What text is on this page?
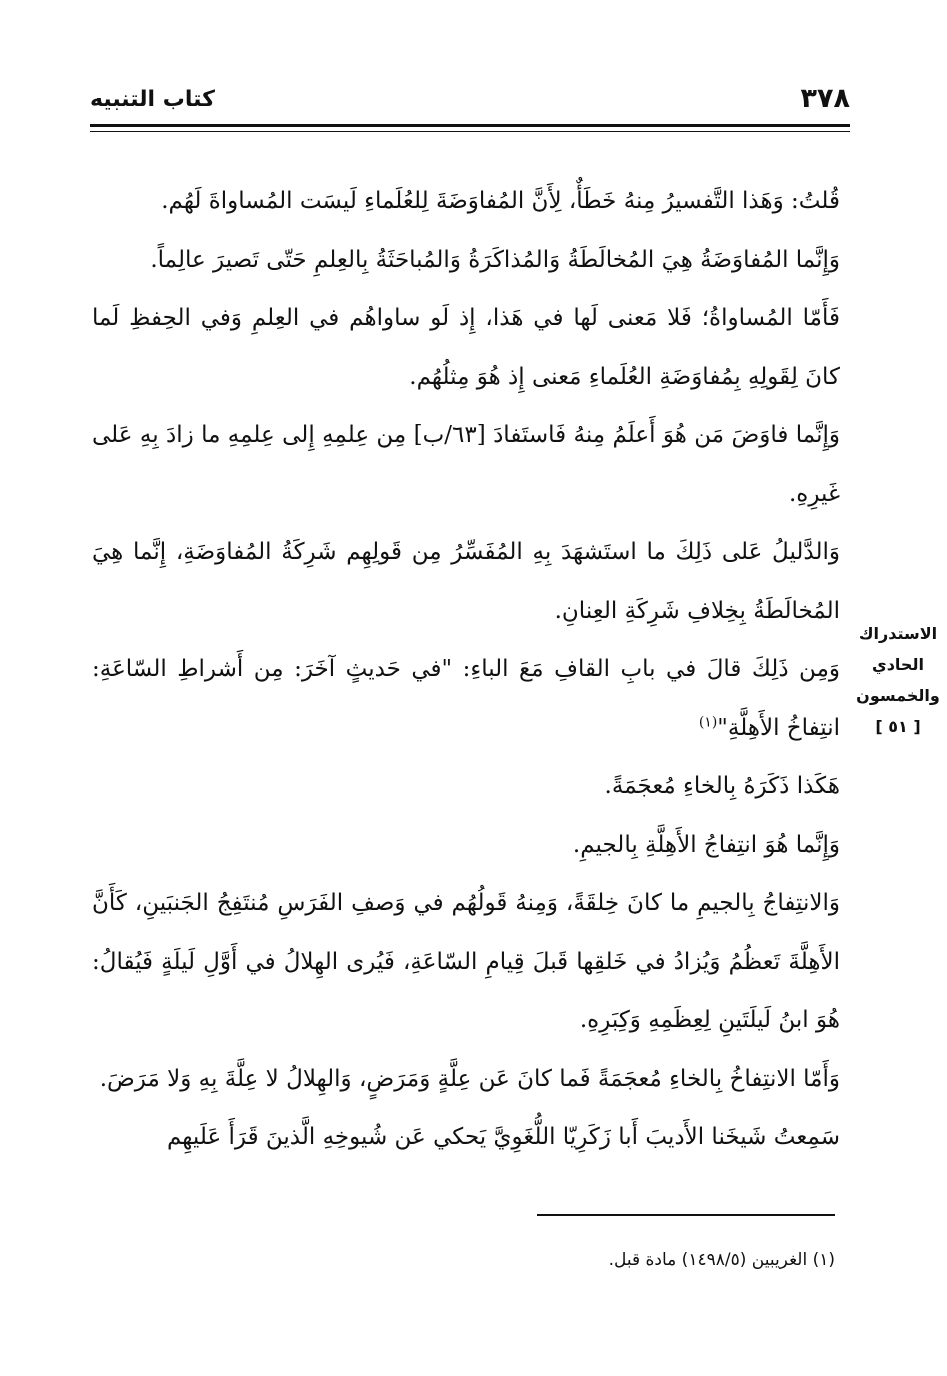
٣٧٨
كتاب التنبيه

قُلتُ: وَهَذا التَّفسيرُ مِنهُ خَطَأٌ، لِأَنَّ المُفاوَضَةَ لِلعُلَماءِ لَيسَت المُساواةَ لَهُم.

وَإِنَّما المُفاوَضَةُ هِيَ المُخالَطَةُ وَالمُذاكَرَةُ وَالمُباحَثَةُ بِالعِلمِ حَتّى تَصيرَ عالِماً.

فَأَمّا المُساواةُ؛ فَلا مَعنى لَها في هَذا، إِذ لَو ساواهُم في العِلمِ وَفي الحِفظِ لَما كانَ لِقَولِهِ بِمُفاوَضَةِ العُلَماءِ مَعنى إِذ هُوَ مِثلُهُم.

وَإِنَّما فاوَضَ مَن هُوَ أَعلَمُ مِنهُ فَاستَفادَ [٦٣/ب] مِن عِلمِهِ إِلى عِلمِهِ ما زادَ بِهِ عَلى غَيرِهِ.

وَالدَّليلُ عَلى ذَلِكَ ما استَشهَدَ بِهِ المُفَسِّرُ مِن قَولِهِم شَرِكَةُ المُفاوَضَةِ، إِنَّما هِيَ المُخالَطَةُ بِخِلافِ شَرِكَةِ العِنانِ.

وَمِن ذَلِكَ قالَ في بابِ القافِ مَعَ الباءِ: "في حَديثٍ آخَرَ: مِن أَشراطِ السّاعَةِ: انتِفاخُ الأَهِلَّةِ"$^{(١)}$

هَكَذا ذَكَرَهُ بِالخاءِ مُعجَمَةً.

وَإِنَّما هُوَ انتِفاجُ الأَهِلَّةِ بِالجيمِ.

وَالانتِفاجُ بِالجيمِ ما كانَ خِلقَةً، وَمِنهُ قَولُهُم في وَصفِ الفَرَسِ مُنتَفِجُ الجَنبَينِ، كَأَنَّ الأَهِلَّةَ تَعظُمُ وَيُزادُ في خَلقِها قَبلَ قِيامِ السّاعَةِ، فَيُرى الهِلالُ في أَوَّلِ لَيلَةٍ فَيُقالُ: هُوَ ابنُ لَيلَتَينِ لِعِظَمِهِ وَكِبَرِهِ.

وَأَمّا الانتِفاخُ بِالخاءِ مُعجَمَةً فَما كانَ عَن عِلَّةٍ وَمَرَضٍ، وَالهِلالُ لا عِلَّةَ بِهِ وَلا مَرَضَ.

سَمِعتُ شَيخَنا الأَديبَ أَبا زَكَرِيّا اللُّغَوِيَّ يَحكي عَن شُيوخِهِ الَّذينَ قَرَأَ عَلَيهِم

الاستدراك
الحادي
والخمسون
[ ٥١ ]
(١) الغريبين (١٤٩٨/٥) مادة قبل.
